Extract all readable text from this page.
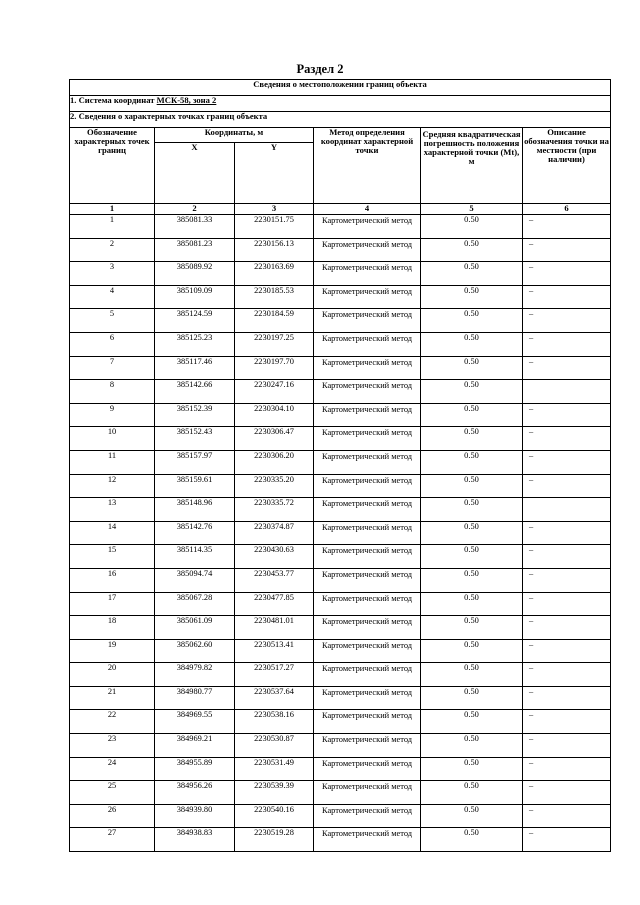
Раздел 2
Сведения о местоположении границ объекта					
1. Система координат МСК-58, зона 2					
2. Сведения о характерных точках границ объекта					
Обозначение характерных точек границ	Координаты, м		Метод определения координат характерной точки	Средняя квадратическая погрешность положения характерной точки (Mt), м	Описание обозначения точки на местности (при наличии)
	X	Y			
1	2	3	4	5	6
1	385081.33	2230151.75	Картометрический метод	0.50	–
2	385081.23	2230156.13	Картометрический метод	0.50	–
3	385089.92	2230163.69	Картометрический метод	0.50	–
4	385109.09	2230185.53	Картометрический метод	0.50	–
5	385124.59	2230184.59	Картометрический метод	0.50	–
6	385125.23	2230197.25	Картометрический метод	0.50	–
7	385117.46	2230197.70	Картометрический метод	0.50	–
8	385142.66	2230247.16	Картометрический метод	0.50	
9	385152.39	2230304.10	Картометрический метод	0.50	–
10	385152.43	2230306.47	Картометрический метод	0.50	–
11	385157.97	2230306.20	Картометрический метод	0.50	–
12	385159.61	2230335.20	Картометрический метод	0.50	–
13	385148.96	2230335.72	Картометрический метод	0.50	
14	385142.76	2230374.87	Картометрический метод	0.50	–
15	385114.35	2230430.63	Картометрический метод	0.50	–
16	385094.74	2230453.77	Картометрический метод	0.50	–
17	385067.28	2230477.85	Картометрический метод	0.50	–
18	385061.09	2230481.01	Картометрический метод	0.50	–
19	385062.60	2230513.41	Картометрический метод	0.50	–
20	384979.82	2230517.27	Картометрический метод	0.50	–
21	384980.77	2230537.64	Картометрический метод	0.50	–
22	384969.55	2230538.16	Картометрический метод	0.50	–
23	384969.21	2230530.87	Картометрический метод	0.50	–
24	384955.89	2230531.49	Картометрический метод	0.50	–
25	384956.26	2230539.39	Картометрический метод	0.50	–
26	384939.80	2230540.16	Картометрический метод	0.50	–
27	384938.83	2230519.28	Картометрический метод	0.50	–
